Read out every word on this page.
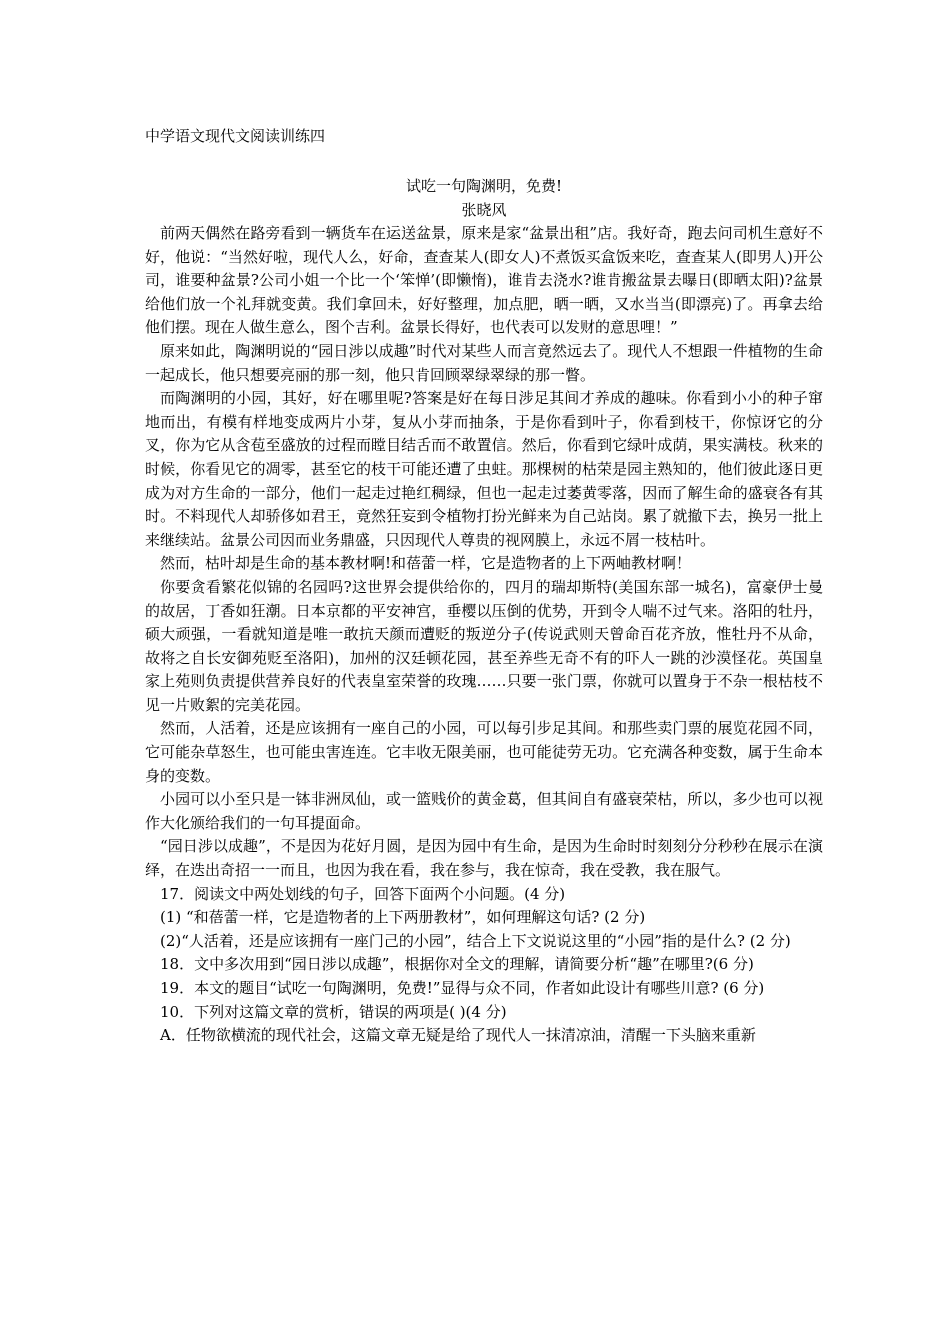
中学语文现代文阅读训练四

试吃一句陶渊明，免费!

张晓风

前两天偶然在路旁看到一辆货车在运送盆景，原来是家“盆景出租”店。我好奇，跑去问司机生意好不好，他说：“当然好啦，现代人么，好命，查查某人(即女人)不煮饭买盒饭来吃，查查某人(即男人)开公司，谁要种盆景?公司小姐一个比一个‘笨惮’(即懒惰)，谁肯去浇水?谁肯搬盆景去曝日(即晒太阳)?盆景给他们放一个礼拜就变黄。我们拿回未，好好整理，加点肥，晒一晒，又水当当(即漂亮)了。再拿去给他们摆。现在人做生意么，图个吉利。盆景长得好，也代表可以发财的意思哩！”

原来如此，陶渊明说的“园日涉以成趣”时代对某些人而言竟然远去了。现代人不想跟一件植物的生命一起成长，他只想要亮丽的那一刻，他只肯回顾翠绿翠绿的那一瞥。

而陶渊明的小园，其好，好在哪里呢?答案是好在每日涉足其间才养成的趣味。你看到小小的种子窜地而出，有模有样地变成两片小芽，复从小芽而抽条，于是你看到叶子，你看到枝干，你惊讶它的分叉，你为它从含苞至盛放的过程而瞠目结舌而不敢置信。然后，你看到它绿叶成荫，果实满枝。秋来的时候，你看见它的凋零，甚至它的枝干可能还遭了虫蛀。那棵树的枯荣是园主熟知的，他们彼此逐日更成为对方生命的一部分，他们一起走过艳红稠绿，但也一起走过萎黄零落，因而了解生命的盛衰各有其时。不料现代人却骄侈如君王，竟然狂妄到令植物打扮光鲜来为自己站岗。累了就撤下去，换另一批上来继续站。盆景公司因而业务鼎盛，只因现代人尊贵的视网膜上，永远不屑一枝枯叶。

然而，枯叶却是生命的基本教材啊!和蓓蕾一样，它是造物者的上下两岫教材啊！

你要贪看繁花似锦的名园吗?这世界会提供给你的，四月的瑞却斯特(美国东部一城名)，富豪伊士曼的故居，丁香如狂潮。日本京都的平安神宫，垂樱以压倒的优势，开到令人喘不过气来。洛阳的牡丹，硕大顽强，一看就知道是唯一敢抗天颜而遭贬的叛逆分子(传说武则天曾命百花齐放，惟牡丹不从命，故将之自长安御苑贬至洛阳)，加州的汉廷顿花园，甚至养些无奇不有的吓人一跳的沙漠怪花。英国皇家上苑则负责提供营养良好的代表皇室荣誉的玫瑰……只要一张门票，你就可以置身于不杂一根枯枝不见一片败絮的完美花园。

然而，人活着，还是应该拥有一座自己的小园，可以每引步足其间。和那些卖门票的展览花园不同，它可能杂草怒生，也可能虫害连连。它丰收无限美丽，也可能徒劳无功。它充满各种变数，属于生命本身的变数。

小园可以小至只是一钵非洲凤仙，或一篮贱价的黄金葛，但其间自有盛衰荣枯，所以，多少也可以视作大化颁给我们的一句耳提面命。

“园日涉以成趣”，不是因为花好月圆，是因为园中有生命，是因为生命时时刻刻分分秒秒在展示在演绎，在迭出奇招一一而且，也因为我在看，我在参与，我在惊奇，我在受教，我在服气。

17．阅读文中两处划线的句子，回答下面两个小问题。(4 分)

(1) “和蓓蕾一样，它是造物者的上下两册教材”，如何理解这句话? (2 分)

(2)“人活着，还是应该拥有一座门己的小园”，结合上下文说说这里的“小园”指的是什么? (2 分)

18．文中多次用到“园日涉以成趣”，根据你对全文的理解，请简要分析“趣”在哪里?(6 分)

19．本文的题目“试吃一句陶渊明，免费!”显得与众不同，作者如此设计有哪些川意? (6 分)

10．下列对这篇文章的赏析，错误的两项是( )(4 分)

A．任物欲横流的现代社会，这篇文章无疑是给了现代人一抹清凉油，清醒一下头脑来重新
